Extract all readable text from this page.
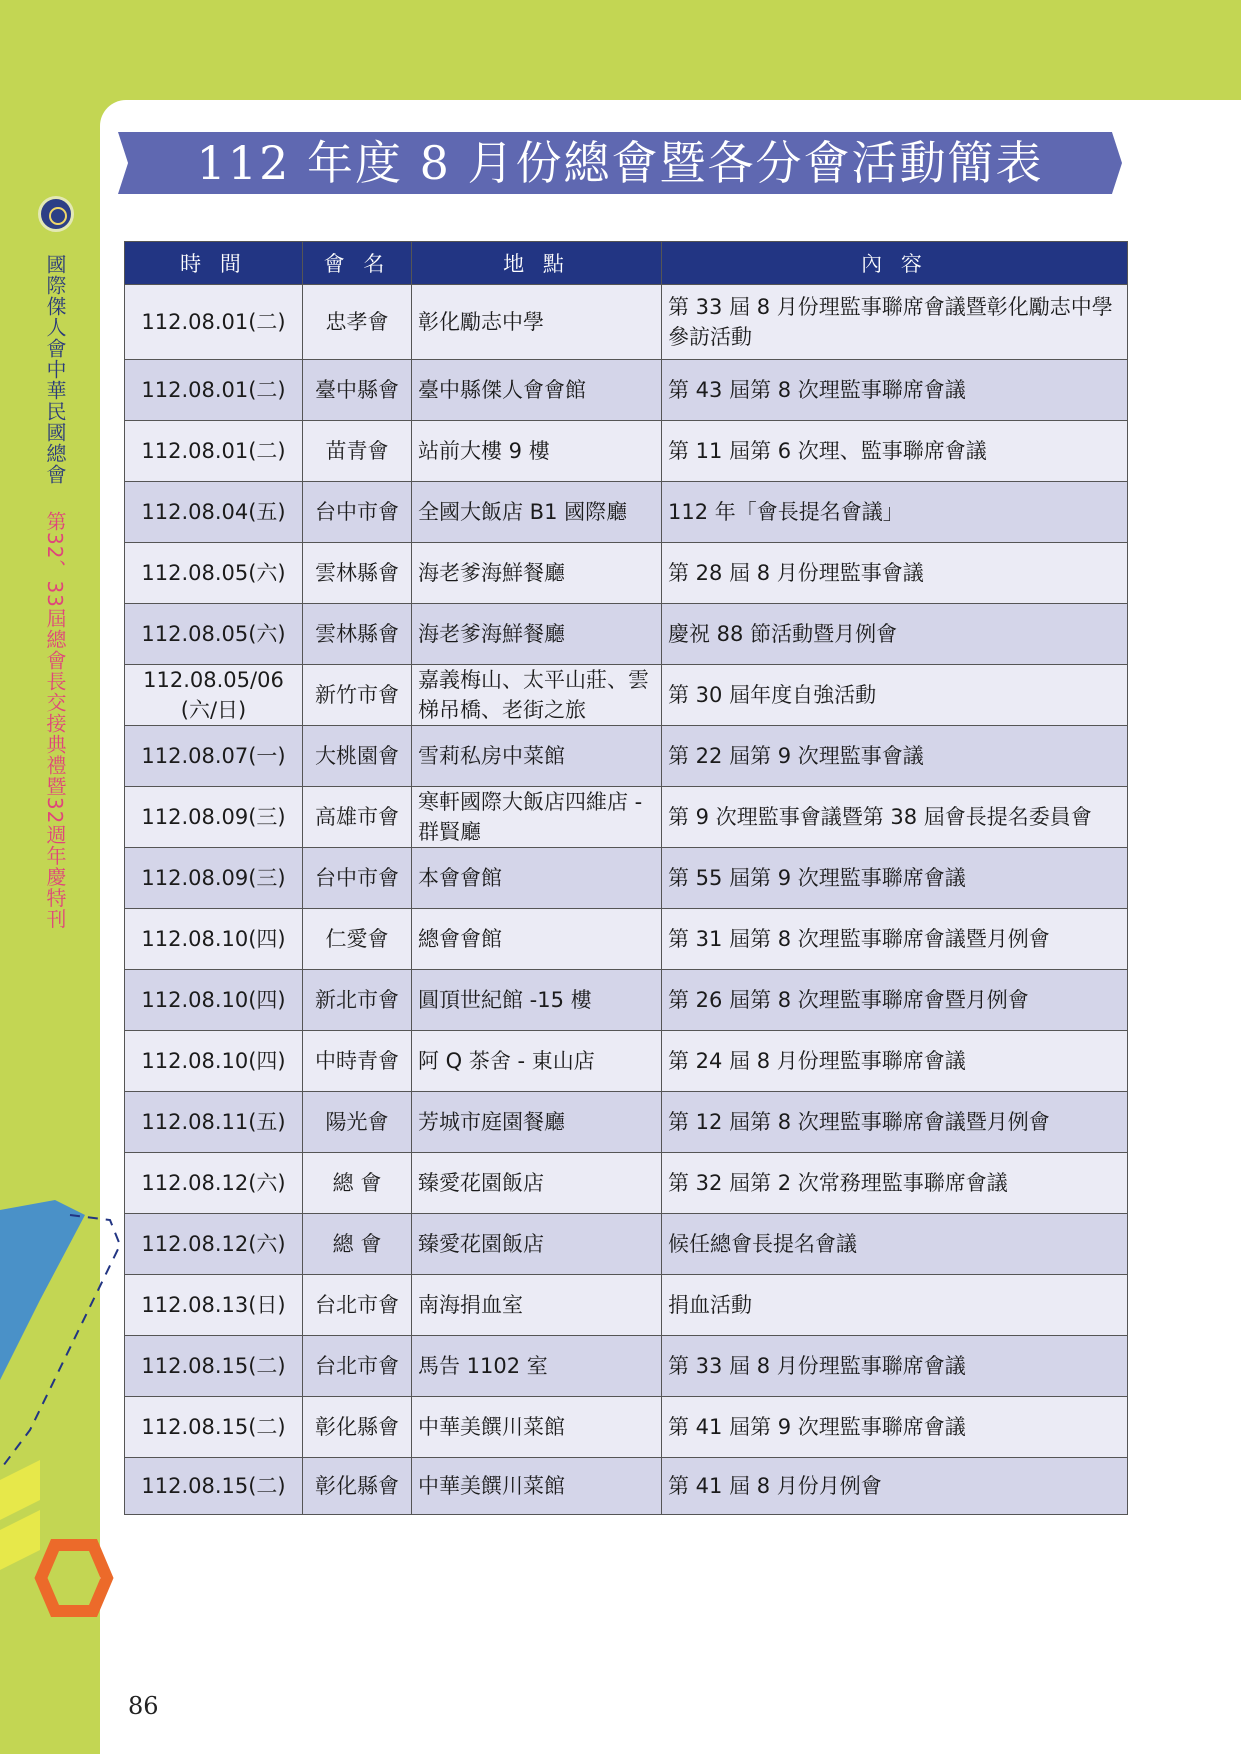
國際傑人會中華民國總會第32、33屆總會長交接典禮暨32週年慶特刊
112 年度 8 月份總會暨各分會活動簡表
時 間	會 名	地 點	內 容
112.08.01(二)	忠孝會	彰化勵志中學	第 33 屆 8 月份理監事聯席會議暨彰化勵志中學參訪活動
112.08.01(二)	臺中縣會	臺中縣傑人會會館	第 43 屆第 8 次理監事聯席會議
112.08.01(二)	苗青會	站前大樓 9 樓	第 11 屆第 6 次理、監事聯席會議
112.08.04(五)	台中市會	全國大飯店 B1 國際廳	112 年「會長提名會議」
112.08.05(六)	雲林縣會	海老爹海鮮餐廳	第 28 屆 8 月份理監事會議
112.08.05(六)	雲林縣會	海老爹海鮮餐廳	慶祝 88 節活動暨月例會
112.08.05/06 (六/日)	新竹市會	嘉義梅山、太平山莊、雲梯吊橋、老街之旅	第 30 屆年度自強活動
112.08.07(一)	大桃園會	雪莉私房中菜館	第 22 屆第 9 次理監事會議
112.08.09(三)	高雄市會	寒軒國際大飯店四維店 - 群賢廳	第 9 次理監事會議暨第 38 屆會長提名委員會
112.08.09(三)	台中市會	本會會館	第 55 屆第 9 次理監事聯席會議
112.08.10(四)	仁愛會	總會會館	第 31 屆第 8 次理監事聯席會議暨月例會
112.08.10(四)	新北市會	圓頂世紀館 -15 樓	第 26 屆第 8 次理監事聯席會暨月例會
112.08.10(四)	中時青會	阿 Q 茶舍 - 東山店	第 24 屆 8 月份理監事聯席會議
112.08.11(五)	陽光會	芳城市庭園餐廳	第 12 屆第 8 次理監事聯席會議暨月例會
112.08.12(六)	總 會	臻愛花園飯店	第 32 屆第 2 次常務理監事聯席會議
112.08.12(六)	總 會	臻愛花園飯店	候任總會長提名會議
112.08.13(日)	台北市會	南海捐血室	捐血活動
112.08.15(二)	台北市會	馬告 1102 室	第 33 屆 8 月份理監事聯席會議
112.08.15(二)	彰化縣會	中華美饌川菜館	第 41 屆第 9 次理監事聯席會議
112.08.15(二)	彰化縣會	中華美饌川菜館	第 41 屆 8 月份月例會
86
